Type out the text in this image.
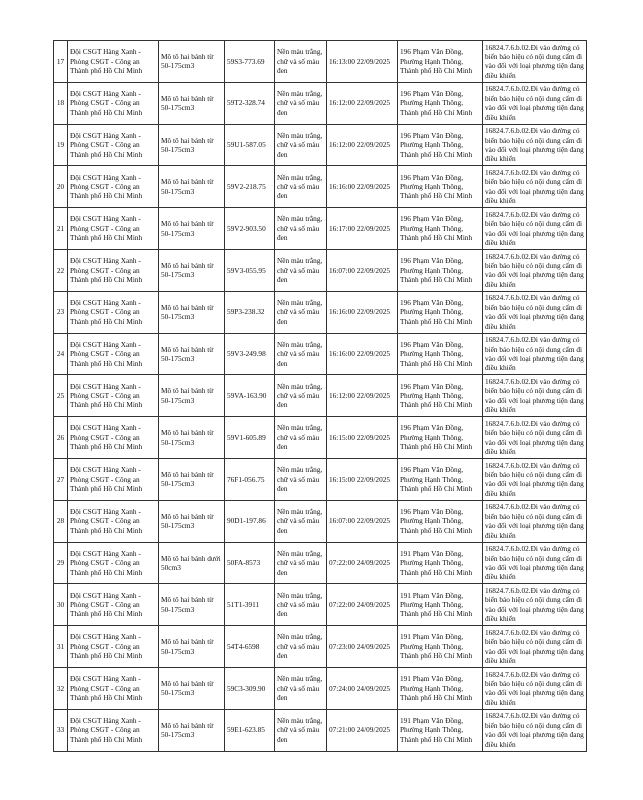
17	Đội CSGT Hàng Xanh - Phòng CSGT - Công an Thành phố Hồ Chí Minh	Mô tô hai bánh từ 50-175cm3	59S3-773.69	Nền màu trắng, chữ và số màu đen	16:13:00 22/09/2025	196 Phạm Văn Đồng, Phường Hạnh Thông, Thành phố Hồ Chí Minh	16824.7.6.b.02.Đi vào đường có biển báo hiệu có nội dung cấm đi vào đối với loại phương tiện đang điều khiển
18	Đội CSGT Hàng Xanh - Phòng CSGT - Công an Thành phố Hồ Chí Minh	Mô tô hai bánh từ 50-175cm3	59T2-328.74	Nền màu trắng, chữ và số màu đen	16:12:00 22/09/2025	196 Phạm Văn Đồng, Phường Hạnh Thông, Thành phố Hồ Chí Minh	16824.7.6.b.02.Đi vào đường có biển báo hiệu có nội dung cấm đi vào đối với loại phương tiện đang điều khiển
19	Đội CSGT Hàng Xanh - Phòng CSGT - Công an Thành phố Hồ Chí Minh	Mô tô hai bánh từ 50-175cm3	59U1-587.05	Nền màu trắng, chữ và số màu đen	16:12:00 22/09/2025	196 Phạm Văn Đồng, Phường Hạnh Thông, Thành phố Hồ Chí Minh	16824.7.6.b.02.Đi vào đường có biển báo hiệu có nội dung cấm đi vào đối với loại phương tiện đang điều khiển
20	Đội CSGT Hàng Xanh - Phòng CSGT - Công an Thành phố Hồ Chí Minh	Mô tô hai bánh từ 50-175cm3	59V2-218.75	Nền màu trắng, chữ và số màu đen	16:16:00 22/09/2025	196 Phạm Văn Đồng, Phường Hạnh Thông, Thành phố Hồ Chí Minh	16824.7.6.b.02.Đi vào đường có biển báo hiệu có nội dung cấm đi vào đối với loại phương tiện đang điều khiển
21	Đội CSGT Hàng Xanh - Phòng CSGT - Công an Thành phố Hồ Chí Minh	Mô tô hai bánh từ 50-175cm3	59V2-903.50	Nền màu trắng, chữ và số màu đen	16:17:00 22/09/2025	196 Phạm Văn Đồng, Phường Hạnh Thông, Thành phố Hồ Chí Minh	16824.7.6.b.02.Đi vào đường có biển báo hiệu có nội dung cấm đi vào đối với loại phương tiện đang điều khiển
22	Đội CSGT Hàng Xanh - Phòng CSGT - Công an Thành phố Hồ Chí Minh	Mô tô hai bánh từ 50-175cm3	59V3-055.95	Nền màu trắng, chữ và số màu đen	16:07:00 22/09/2025	196 Phạm Văn Đồng, Phường Hạnh Thông, Thành phố Hồ Chí Minh	16824.7.6.b.02.Đi vào đường có biển báo hiệu có nội dung cấm đi vào đối với loại phương tiện đang điều khiển
23	Đội CSGT Hàng Xanh - Phòng CSGT - Công an Thành phố Hồ Chí Minh	Mô tô hai bánh từ 50-175cm3	59P3-238.32	Nền màu trắng, chữ và số màu đen	16:16:00 22/09/2025	196 Phạm Văn Đồng, Phường Hạnh Thông, Thành phố Hồ Chí Minh	16824.7.6.b.02.Đi vào đường có biển báo hiệu có nội dung cấm đi vào đối với loại phương tiện đang điều khiển
24	Đội CSGT Hàng Xanh - Phòng CSGT - Công an Thành phố Hồ Chí Minh	Mô tô hai bánh từ 50-175cm3	59V3-249.98	Nền màu trắng, chữ và số màu đen	16:16:00 22/09/2025	196 Phạm Văn Đồng, Phường Hạnh Thông, Thành phố Hồ Chí Minh	16824.7.6.b.02.Đi vào đường có biển báo hiệu có nội dung cấm đi vào đối với loại phương tiện đang điều khiển
25	Đội CSGT Hàng Xanh - Phòng CSGT - Công an Thành phố Hồ Chí Minh	Mô tô hai bánh từ 50-175cm3	59VA-163.90	Nền màu trắng, chữ và số màu đen	16:12:00 22/09/2025	196 Phạm Văn Đồng, Phường Hạnh Thông, Thành phố Hồ Chí Minh	16824.7.6.b.02.Đi vào đường có biển báo hiệu có nội dung cấm đi vào đối với loại phương tiện đang điều khiển
26	Đội CSGT Hàng Xanh - Phòng CSGT - Công an Thành phố Hồ Chí Minh	Mô tô hai bánh từ 50-175cm3	59V1-605.89	Nền màu trắng, chữ và số màu đen	16:15:00 22/09/2025	196 Phạm Văn Đồng, Phường Hạnh Thông, Thành phố Hồ Chí Minh	16824.7.6.b.02.Đi vào đường có biển báo hiệu có nội dung cấm đi vào đối với loại phương tiện đang điều khiển
27	Đội CSGT Hàng Xanh - Phòng CSGT - Công an Thành phố Hồ Chí Minh	Mô tô hai bánh từ 50-175cm3	76F1-056.75	Nền màu trắng, chữ và số màu đen	16:15:00 22/09/2025	196 Phạm Văn Đồng, Phường Hạnh Thông, Thành phố Hồ Chí Minh	16824.7.6.b.02.Đi vào đường có biển báo hiệu có nội dung cấm đi vào đối với loại phương tiện đang điều khiển
28	Đội CSGT Hàng Xanh - Phòng CSGT - Công an Thành phố Hồ Chí Minh	Mô tô hai bánh từ 50-175cm3	90D1-197.86	Nền màu trắng, chữ và số màu đen	16:07:00 22/09/2025	196 Phạm Văn Đồng, Phường Hạnh Thông, Thành phố Hồ Chí Minh	16824.7.6.b.02.Đi vào đường có biển báo hiệu có nội dung cấm đi vào đối với loại phương tiện đang điều khiển
29	Đội CSGT Hàng Xanh - Phòng CSGT - Công an Thành phố Hồ Chí Minh	Mô tô hai bánh dưới 50cm3	50FA-8573	Nền màu trắng, chữ và số màu đen	07:22:00 24/09/2025	191 Phạm Văn Đồng, Phường Hạnh Thông, Thành phố Hồ Chí Minh	16824.7.6.b.02.Đi vào đường có biển báo hiệu có nội dung cấm đi vào đối với loại phương tiện đang điều khiển
30	Đội CSGT Hàng Xanh - Phòng CSGT - Công an Thành phố Hồ Chí Minh	Mô tô hai bánh từ 50-175cm3	51T1-3911	Nền màu trắng, chữ và số màu đen	07:22:00 24/09/2025	191 Phạm Văn Đồng, Phường Hạnh Thông, Thành phố Hồ Chí Minh	16824.7.6.b.02.Đi vào đường có biển báo hiệu có nội dung cấm đi vào đối với loại phương tiện đang điều khiển
31	Đội CSGT Hàng Xanh - Phòng CSGT - Công an Thành phố Hồ Chí Minh	Mô tô hai bánh từ 50-175cm3	54T4-6598	Nền màu trắng, chữ và số màu đen	07:23:00 24/09/2025	191 Phạm Văn Đồng, Phường Hạnh Thông, Thành phố Hồ Chí Minh	16824.7.6.b.02.Đi vào đường có biển báo hiệu có nội dung cấm đi vào đối với loại phương tiện đang điều khiển
32	Đội CSGT Hàng Xanh - Phòng CSGT - Công an Thành phố Hồ Chí Minh	Mô tô hai bánh từ 50-175cm3	59C3-309.90	Nền màu trắng, chữ và số màu đen	07:24:00 24/09/2025	191 Phạm Văn Đồng, Phường Hạnh Thông, Thành phố Hồ Chí Minh	16824.7.6.b.02.Đi vào đường có biển báo hiệu có nội dung cấm đi vào đối với loại phương tiện đang điều khiển
33	Đội CSGT Hàng Xanh - Phòng CSGT - Công an Thành phố Hồ Chí Minh	Mô tô hai bánh từ 50-175cm3	59E1-623.85	Nền màu trắng, chữ và số màu đen	07:21:00 24/09/2025	191 Phạm Văn Đồng, Phường Hạnh Thông, Thành phố Hồ Chí Minh	16824.7.6.b.02.Đi vào đường có biển báo hiệu có nội dung cấm đi vào đối với loại phương tiện đang điều khiển
